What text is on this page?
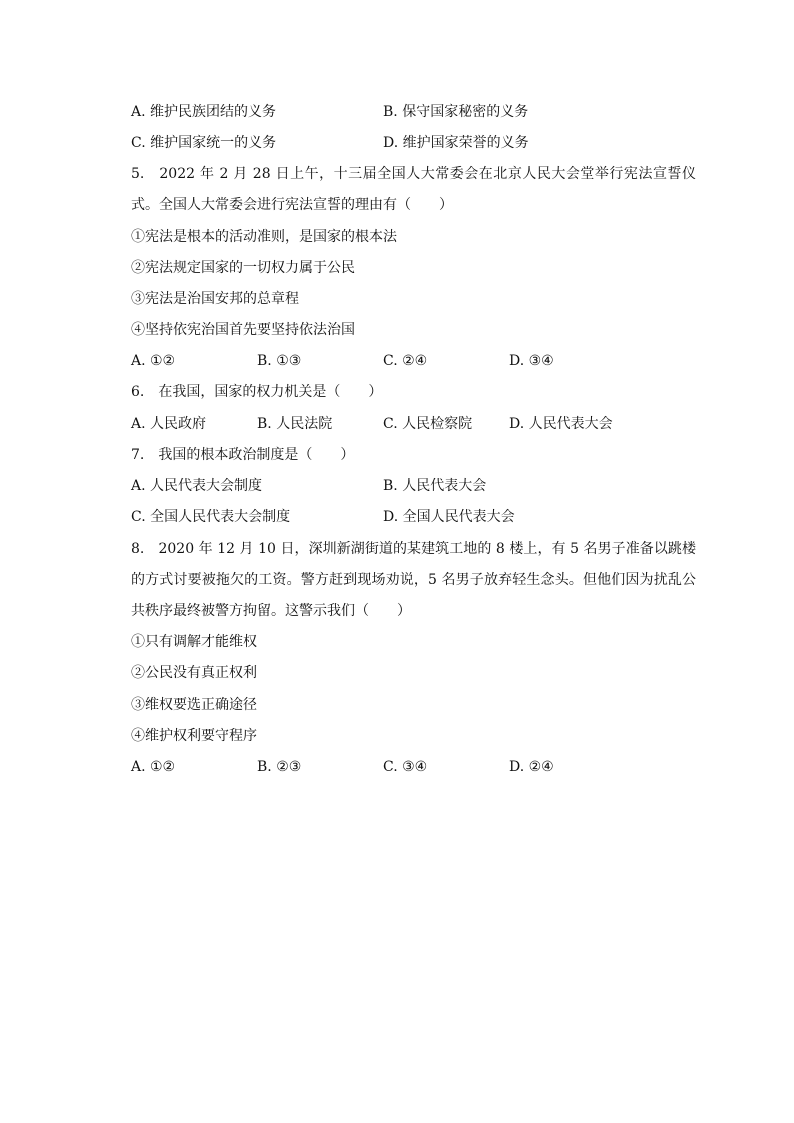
A. 维护民族团结的义务	B. 保守国家秘密的义务
C. 维护国家统一的义务	D. 维护国家荣誉的义务
5.　2022 年 2 月 28 日上午，十三届全国人大常委会在北京人民大会堂举行宪法宣誓仪式。全国人大常委会进行宪法宣誓的理由有（　　）
①宪法是根本的活动准则，是国家的根本法
②宪法规定国家的一切权力属于公民
③宪法是治国安邦的总章程
④坚持依宪治国首先要坚持依法治国
A. ①②	B. ①③	C. ②④	D. ③④
6.　在我国，国家的权力机关是（　　）
A. 人民政府	B. 人民法院	C. 人民检察院	D. 人民代表大会
7.　我国的根本政治制度是（　　）
A. 人民代表大会制度	B. 人民代表大会
C. 全国人民代表大会制度	D. 全国人民代表大会
8.　2020 年 12 月 10 日，深圳新湖街道的某建筑工地的 8 楼上，有 5 名男子准备以跳楼的方式讨要被拖欠的工资。警方赶到现场劝说，5 名男子放弃轻生念头。但他们因为扰乱公共秩序最终被警方拘留。这警示我们（　　）
①只有调解才能维权
②公民没有真正权利
③维权要选正确途径
④维护权利要守程序
A. ①②	B. ②③	C. ③④	D. ②④
